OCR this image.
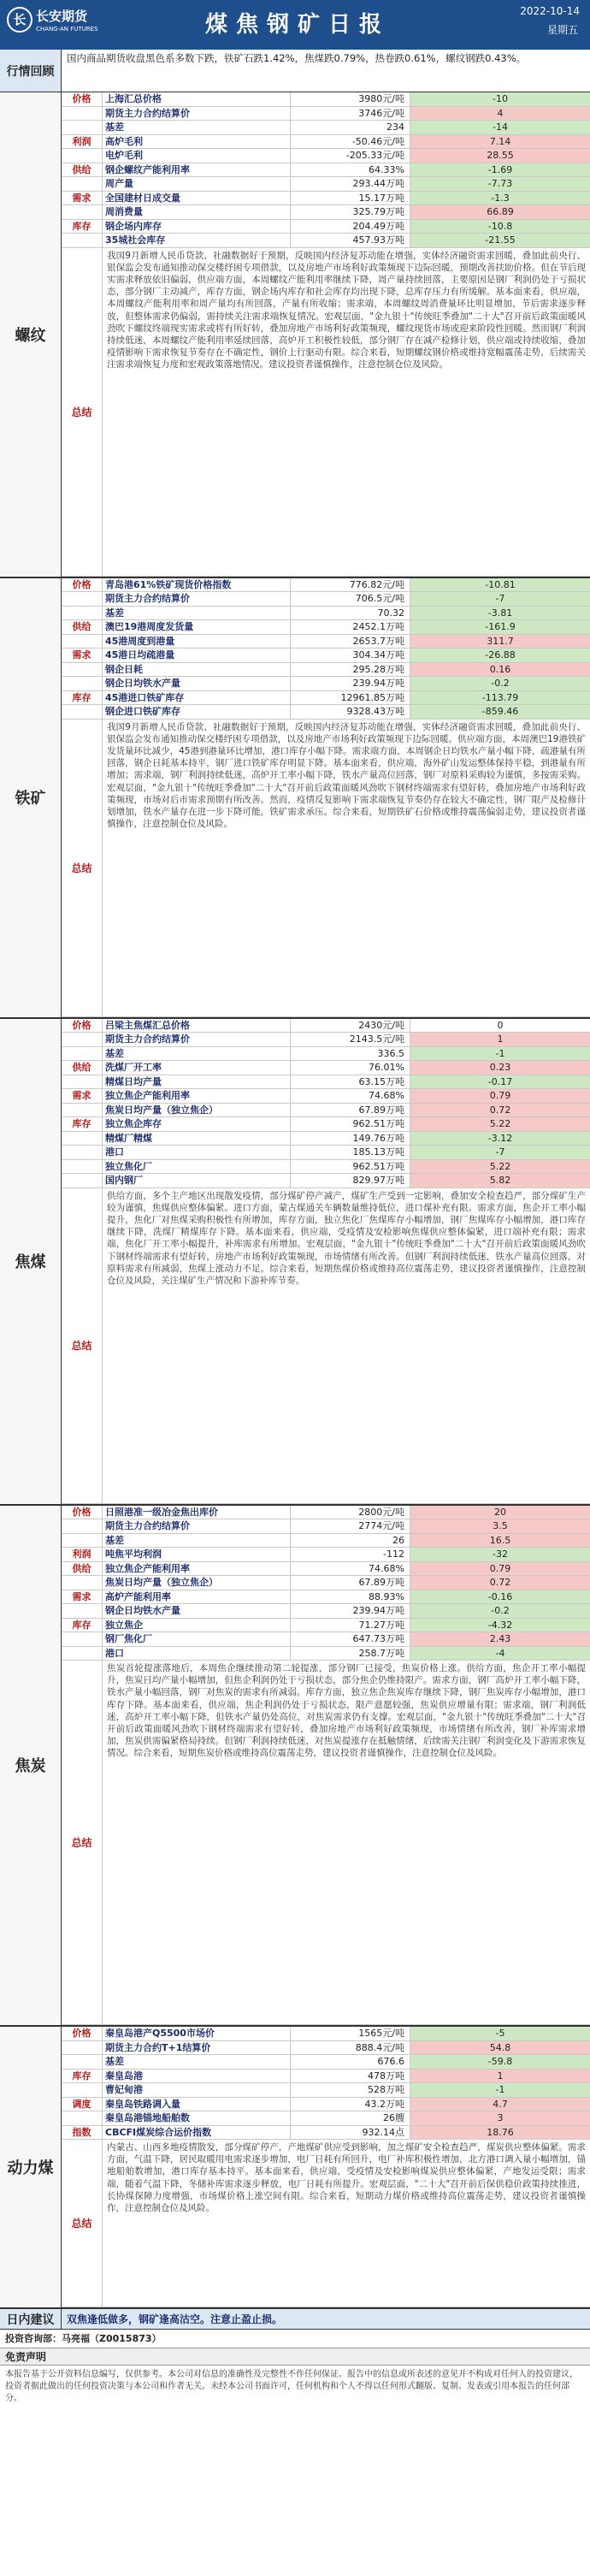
长 长安期货
CHANG-AN FUTURES	煤焦钢矿日报
2022-10-14
星期五
行情回顾
国内商品期货收盘黑色系多数下跌，铁矿石跌1.42%，焦煤跌0.79%，热卷跌0.61%，螺纹钢跌0.43%。
螺纹
价格	上海汇总价格	3980元/吨	-10
期货主力合约结算价	3746元/吨	4
基差	234	-14
利润	高炉毛利	-50.46元/吨	7.14
电炉毛利	-205.33元/吨	28.55
供给	钢企螺纹产能利用率	64.33%	-1.69
周产量	293.44万吨	-7.73
需求	全国建材日成交量	15.17万吨	-1.3
周消费量	325.79万吨	66.89
库存	钢企场内库存	204.49万吨	-10.8
35城社会库存	457.93万吨	-21.55
总结
我国9月新增人民币贷款、社融数据好于预期，反映国内经济复苏动能在增强，实体经济融资需求回暖，叠加此前央行、银保监会发布通知推动保交楼纾困专项借款，以及房地产市场利好政策频现下边际回暖，预期改善扶助价格。但在节后现实需求释放依旧偏弱，供应端方面，本周螺纹产能利用率继续下降，周产量持续回落，主要原因是钢厂利润仍处于亏损状态，部分钢厂主动减产，库存方面，钢企场内库存和社会库存均出现下降，总库存压力有所缓解。基本面来看，供应端，本周螺纹产能利用率和周产量均有所回落，产量有所收缩；需求端，本周螺纹周消费量环比明显增加，节后需求逐步释放，但整体需求仍偏弱，需持续关注需求端恢复情况。宏观层面，"金九银十"传统旺季叠加"二十大"召开前后政策面暖风劲吹下螺纹终端现实需求或将有所好转，叠加房地产市场利好政策频现，螺纹现货市场或迎来阶段性回暖。然而钢厂利润持续低迷，本周螺纹产能利用率延续回落，高炉开工积极性较低，部分钢厂存在减产检修计划，供应端或持续收缩，叠加疫情影响下需求恢复节奏存在不确定性，钢价上行驱动有限。综合来看，短期螺纹钢价格或维持宽幅震荡走势，后续需关注需求端恢复力度和宏观政策落地情况。建议投资者谨慎操作，注意控制仓位及风险。
铁矿
价格	青岛港61%铁矿现货价格指数	776.82元/吨	-10.81
期货主力合约结算价	706.5元/吨	-7
基差	70.32	-3.81
供给	澳巴19港周度发货量	2452.1万吨	-161.9
45港周度到港量	2653.7万吨	311.7
需求	45港日均疏港量	304.34万吨	-26.88
钢企日耗	295.28万吨	0.16
钢企日均铁水产量	239.94万吨	-0.2
库存	45港进口铁矿库存	12961.85万吨	-113.79
钢企进口铁矿库存	9328.43万吨	-859.46
总结
我国9月新增人民币贷款、社融数据好于预期，反映国内经济复苏动能在增强，实体经济融资需求回暖，叠加此前央行、银保监会发布通知推动保交楼纾困专项借款，以及房地产市场利好政策频现下边际回暖。供应端方面，本周澳巴19港铁矿发货量环比减少，45港到港量环比增加，港口库存小幅下降。需求端方面，本周钢企日均铁水产量小幅下降，疏港量有所回落，钢企日耗基本持平，钢厂进口铁矿库存明显下降。基本面来看，供应端，海外矿山发运整体保持平稳，到港量有所增加；需求端，钢厂利润持续低迷，高炉开工率小幅下降，铁水产量高位回落，钢厂对原料采购较为谨慎，多按需采购。宏观层面，"金九银十"传统旺季叠加"二十大"召开前后政策面暖风劲吹下钢材终端需求有望好转，叠加房地产市场利好政策频现，市场对后市需求预期有所改善。然而，疫情反复影响下需求端恢复节奏仍存在较大不确定性，钢厂限产及检修计划增加，铁水产量存在进一步下降可能，铁矿需求承压。综合来看，短期铁矿石价格或维持震荡偏弱走势，建议投资者谨慎操作，注意控制仓位及风险。
焦煤
价格	吕梁主焦煤汇总价格	2430元/吨	0
期货主力合约结算价	2143.5元/吨	1
基差	336.5	-1
供给	洗煤厂开工率	76.01%	0.23
精煤日均产量	63.15万吨	-0.17
需求	独立焦企产能利用率	74.68%	0.79
焦炭日均产量（独立焦企）	67.89万吨	0.72
库存	独立焦企库存	962.51万吨	5.22
精煤厂精煤	149.76万吨	-3.12
港口	185.13万吨	-7
独立焦化厂	962.51万吨	5.22
国内钢厂	829.97万吨	5.82
总结
供给方面，多个主产地区出现散发疫情，部分煤矿停产减产，煤矿生产受到一定影响，叠加安全检查趋严，部分煤矿生产较为谨慎，焦煤供应整体偏紧。进口方面，蒙古煤通关车辆数量维持低位，进口煤补充有限。需求方面，焦企开工率小幅提升，焦化厂对焦煤采购积极性有所增加，库存方面，独立焦化厂焦煤库存小幅增加，钢厂焦煤库存小幅增加，港口库存继续下降，洗煤厂精煤库存下降。基本面来看，供应端，受疫情及安检影响焦煤供应整体偏紧，进口端补充有限；需求端，焦化厂开工率小幅提升，补库需求有所增加。宏观层面，"金九银十"传统旺季叠加"二十大"召开前后政策面暖风劲吹下钢材终端需求有望好转，房地产市场利好政策频现，市场情绪有所改善。但钢厂利润持续低迷，铁水产量高位回落，对原料需求有所减弱，焦煤上涨动力不足。综合来看，短期焦煤价格或维持高位震荡走势，建议投资者谨慎操作，注意控制仓位及风险，关注煤矿生产情况和下游补库节奏。
焦炭
价格	日照港准一级冶金焦出库价	2800元/吨	20
期货主力合约结算价	2774元/吨	3.5
基差	26	16.5
利润	吨焦平均利润	-112	-32
供给	独立焦企产能利用率	74.68%	0.79
焦炭日均产量（独立焦企）	67.89万吨	0.72
需求	高炉产能利用率	88.93%	-0.16
钢企日均铁水产量	239.94万吨	-0.2
库存	独立焦企	71.27万吨	-4.32
钢厂焦化厂	647.73万吨	2.43
港口	258.7万吨	-4
总结
焦炭首轮提涨落地后，本周焦企继续推动第二轮提涨，部分钢厂已接受，焦炭价格上涨。供给方面，焦企开工率小幅提升，焦炭日均产量小幅增加，但焦企利润仍处于亏损状态，部分焦企仍维持限产。需求方面，钢厂高炉开工率小幅下降，铁水产量小幅回落，钢厂对焦炭的需求有所减弱。库存方面，独立焦企焦炭库存继续下降，钢厂焦炭库存小幅增加，港口库存下降。基本面来看，供应端，焦企利润仍处于亏损状态，限产意愿较强，焦炭供应增量有限；需求端，钢厂利润低迷，高炉开工率小幅下降，但铁水产量仍处高位，对焦炭需求仍有支撑。宏观层面，"金九银十"传统旺季叠加"二十大"召开前后政策面暖风劲吹下钢材终端需求有望好转，叠加房地产市场利好政策频现，市场情绪有所改善，钢厂补库需求增加，焦炭供需偏紧格局持续。但钢厂利润持续低迷，对焦炭提涨存在抵触情绪，后续需关注钢厂利润变化及下游需求恢复情况。综合来看，短期焦炭价格或维持高位震荡走势，建议投资者谨慎操作，注意控制仓位及风险。
动力煤
价格	秦皇岛港产Q5500市场价	1565元/吨	-5
期货主力合约T+1结算价	888.4元/吨	54.8
基差	676.6	-59.8
库存	秦皇岛港	478万吨	1
曹妃甸港	528万吨	-1
调度	秦皇岛铁路调入量	43.2万吨	4.7
秦皇岛港锚地船舶数	26艘	3
指数	CBCFI煤炭综合运价指数	932.14点	18.76
总结
内蒙古、山西多地疫情散发，部分煤矿停产，产地煤矿供应受到影响，加之煤矿安全检查趋严，煤炭供应整体偏紧。需求方面，气温下降，居民取暖用电需求逐步增加，电厂日耗有所回升，电厂补库积极性增加，北方港口调入量小幅增加，锚地船舶数增加，港口库存基本持平。基本面来看，供应端，受疫情及安检影响煤炭供应整体偏紧，产地发运受限；需求端，随着气温下降，冬储补库需求逐步释放，电厂日耗有所提升。宏观层面，"二十大"召开前后保供稳价政策持续推进，长协煤保障力度增强，市场煤价格上涨空间有限。综合来看，短期动力煤价格或维持高位震荡走势，建议投资者谨慎操作，注意控制仓位及风险。
日内建议	双焦逢低做多，钢矿逢高沽空。注意止盈止损。
投资咨询部：马亮福（Z0015873）
免责声明
本报告基于公开资料信息编写，仅供参考。本公司对信息的准确性及完整性不作任何保证。报告中的信息或所表述的意见并不构成对任何人的投资建议，投资者据此做出的任何投资决策与本公司和作者无关。未经本公司书面许可，任何机构和个人不得以任何形式翻版、复制、发表或引用本报告的任何部分。
